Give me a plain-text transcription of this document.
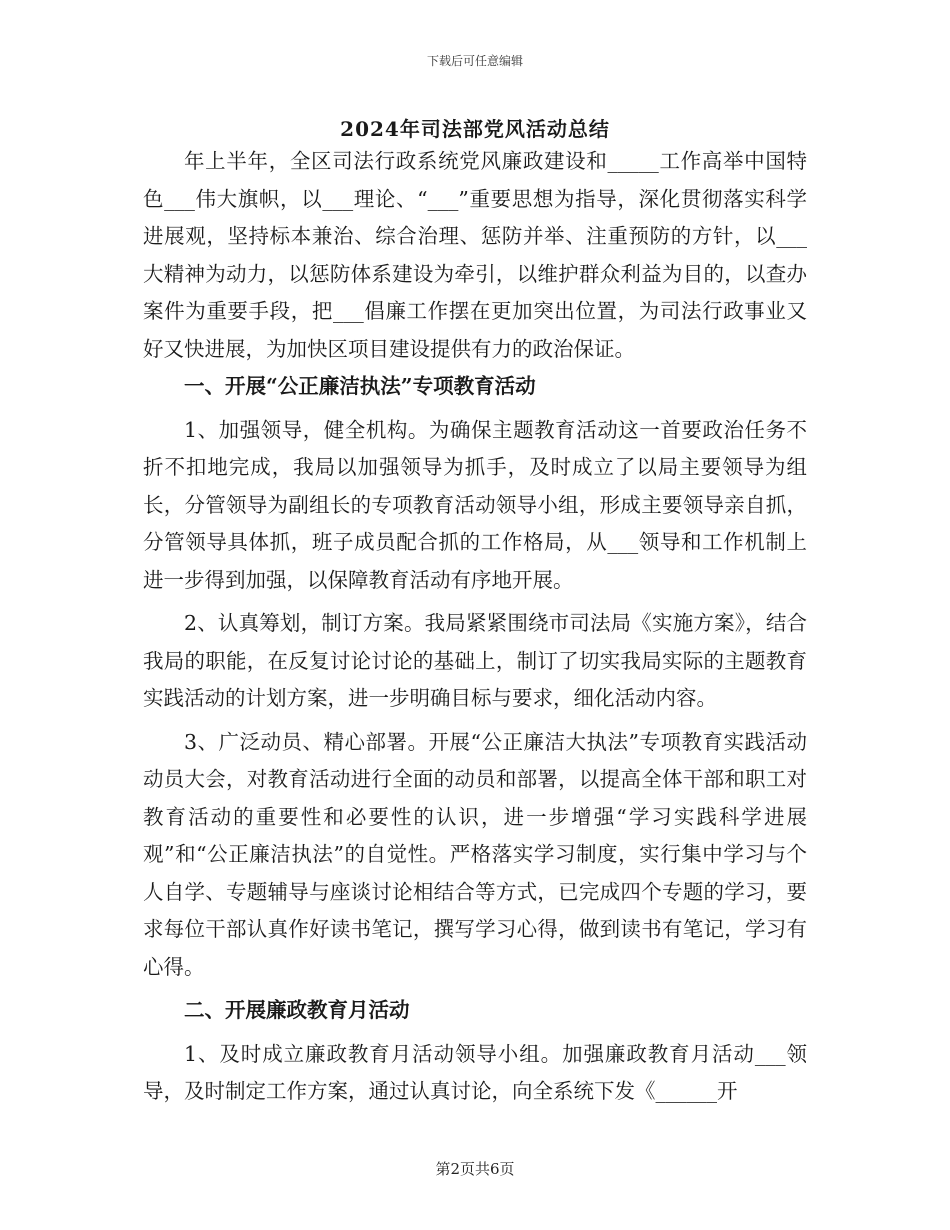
下载后可任意编辑
2024年司法部党风活动总结

年上半年，全区司法行政系统党风廉政建设和_____工作高举中国特色___伟大旗帜，以___理论、“___”重要思想为指导，深化贯彻落实科学进展观，坚持标本兼治、综合治理、惩防并举、注重预防的方针，以___大精神为动力，以惩防体系建设为牵引，以维护群众利益为目的，以查办案件为重要手段，把___倡廉工作摆在更加突出位置，为司法行政事业又好又快进展，为加快区项目建设提供有力的政治保证。

一、开展“公正廉洁执法”专项教育活动

1、加强领导，健全机构。为确保主题教育活动这一首要政治任务不折不扣地完成，我局以加强领导为抓手，及时成立了以局主要领导为组长，分管领导为副组长的专项教育活动领导小组，形成主要领导亲自抓，分管领导具体抓，班子成员配合抓的工作格局，从___领导和工作机制上进一步得到加强，以保障教育活动有序地开展。

2、认真筹划，制订方案。我局紧紧围绕市司法局《实施方案》，结合我局的职能，在反复讨论讨论的基础上，制订了切实我局实际的主题教育实践活动的计划方案，进一步明确目标与要求，细化活动内容。

3、广泛动员、精心部署。开展“公正廉洁大执法”专项教育实践活动动员大会，对教育活动进行全面的动员和部署，以提高全体干部和职工对教育活动的重要性和必要性的认识，进一步增强“学习实践科学进展观”和“公正廉洁执法”的自觉性。严格落实学习制度，实行集中学习与个人自学、专题辅导与座谈讨论相结合等方式，已完成四个专题的学习，要求每位干部认真作好读书笔记，撰写学习心得，做到读书有笔记，学习有心得。

二、开展廉政教育月活动

1、及时成立廉政教育月活动领导小组。加强廉政教育月活动___领导，及时制定工作方案，通过认真讨论，向全系统下发《______开

第2页共6页
